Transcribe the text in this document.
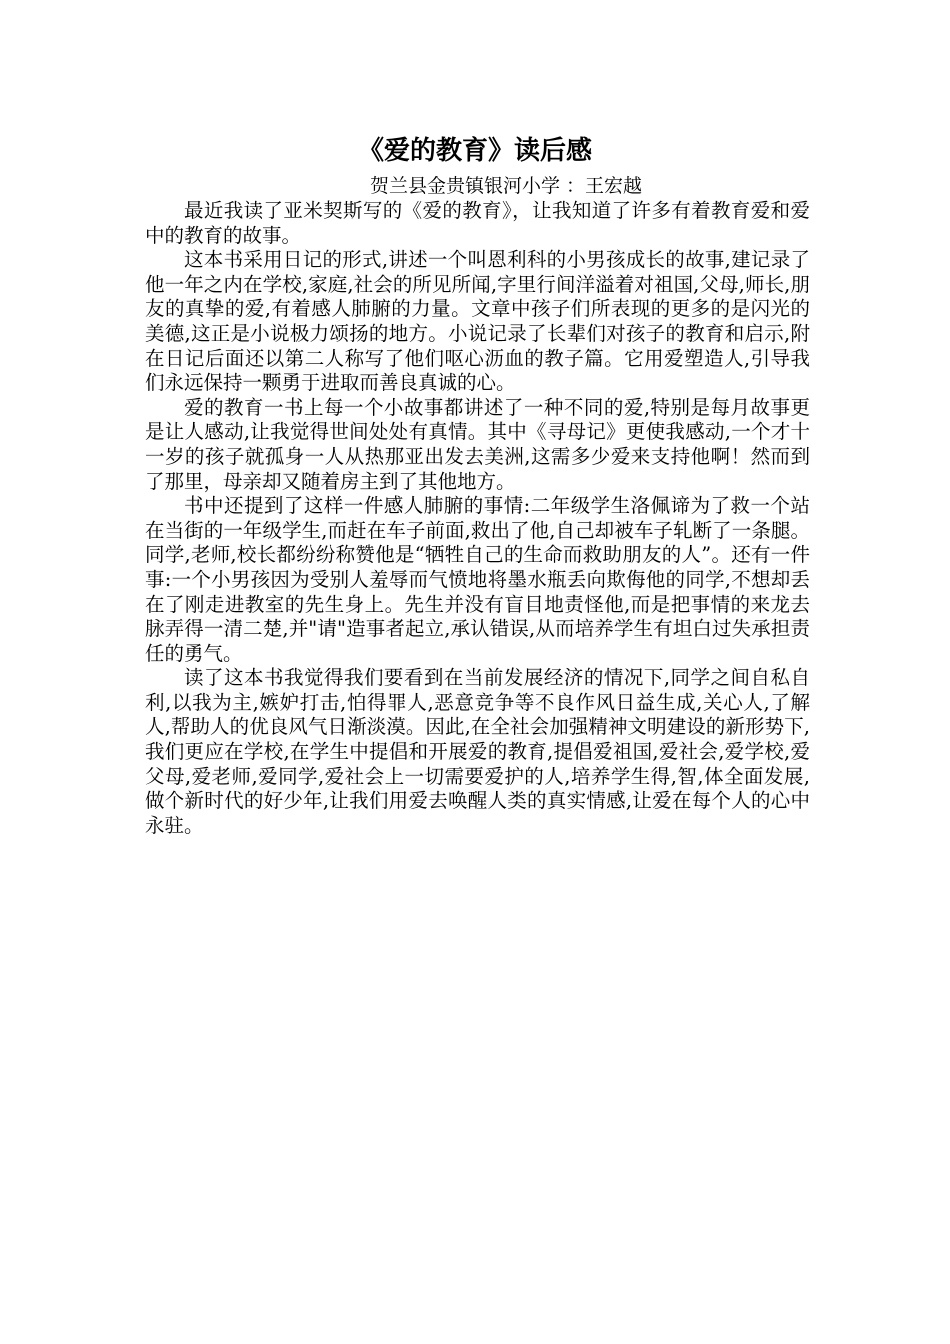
《爱的教育》读后感
贺兰县金贵镇银河小学 ：王宏越

最近我读了亚米契斯写的《爱的教育》，让我知道了许多有着教育爱和爱中的教育的故事。

这本书采用日记的形式,讲述一个叫恩利科的小男孩成长的故事,建记录了他一年之内在学校,家庭,社会的所见所闻,字里行间洋溢着对祖国,父母,师长,朋友的真挚的爱,有着感人肺腑的力量。文章中孩子们所表现的更多的是闪光的美德,这正是小说极力颂扬的地方。小说记录了长辈们对孩子的教育和启示,附在日记后面还以第二人称写了他们呕心沥血的教子篇。它用爱塑造人,引导我们永远保持一颗勇于进取而善良真诚的心。

爱的教育一书上每一个小故事都讲述了一种不同的爱,特别是每月故事更是让人感动,让我觉得世间处处有真情。其中《寻母记》更使我感动,一个才十一岁的孩子就孤身一人从热那亚出发去美洲,这需多少爱来支持他啊！然而到了那里，母亲却又随着房主到了其他地方。

书中还提到了这样一件感人肺腑的事情:二年级学生洛佩谛为了救一个站在当街的一年级学生,而赶在车子前面,救出了他,自己却被车子轧断了一条腿。同学,老师,校长都纷纷称赞他是“牺牲自己的生命而救助朋友的人”。还有一件事:一个小男孩因为受别人羞辱而气愤地将墨水瓶丢向欺侮他的同学,不想却丢在了刚走进教室的先生身上。先生并没有盲目地责怪他,而是把事情的来龙去脉弄得一清二楚,并"请"造事者起立,承认错误,从而培养学生有坦白过失承担责任的勇气。

读了这本书我觉得我们要看到在当前发展经济的情况下,同学之间自私自利,以我为主,嫉妒打击,怕得罪人,恶意竞争等不良作风日益生成,关心人,了解人,帮助人的优良风气日渐淡漠。因此,在全社会加强精神文明建设的新形势下,我们更应在学校,在学生中提倡和开展爱的教育,提倡爱祖国,爱社会,爱学校,爱父母,爱老师,爱同学,爱社会上一切需要爱护的人,培养学生得,智,体全面发展,做个新时代的好少年,让我们用爱去唤醒人类的真实情感,让爱在每个人的心中永驻。
